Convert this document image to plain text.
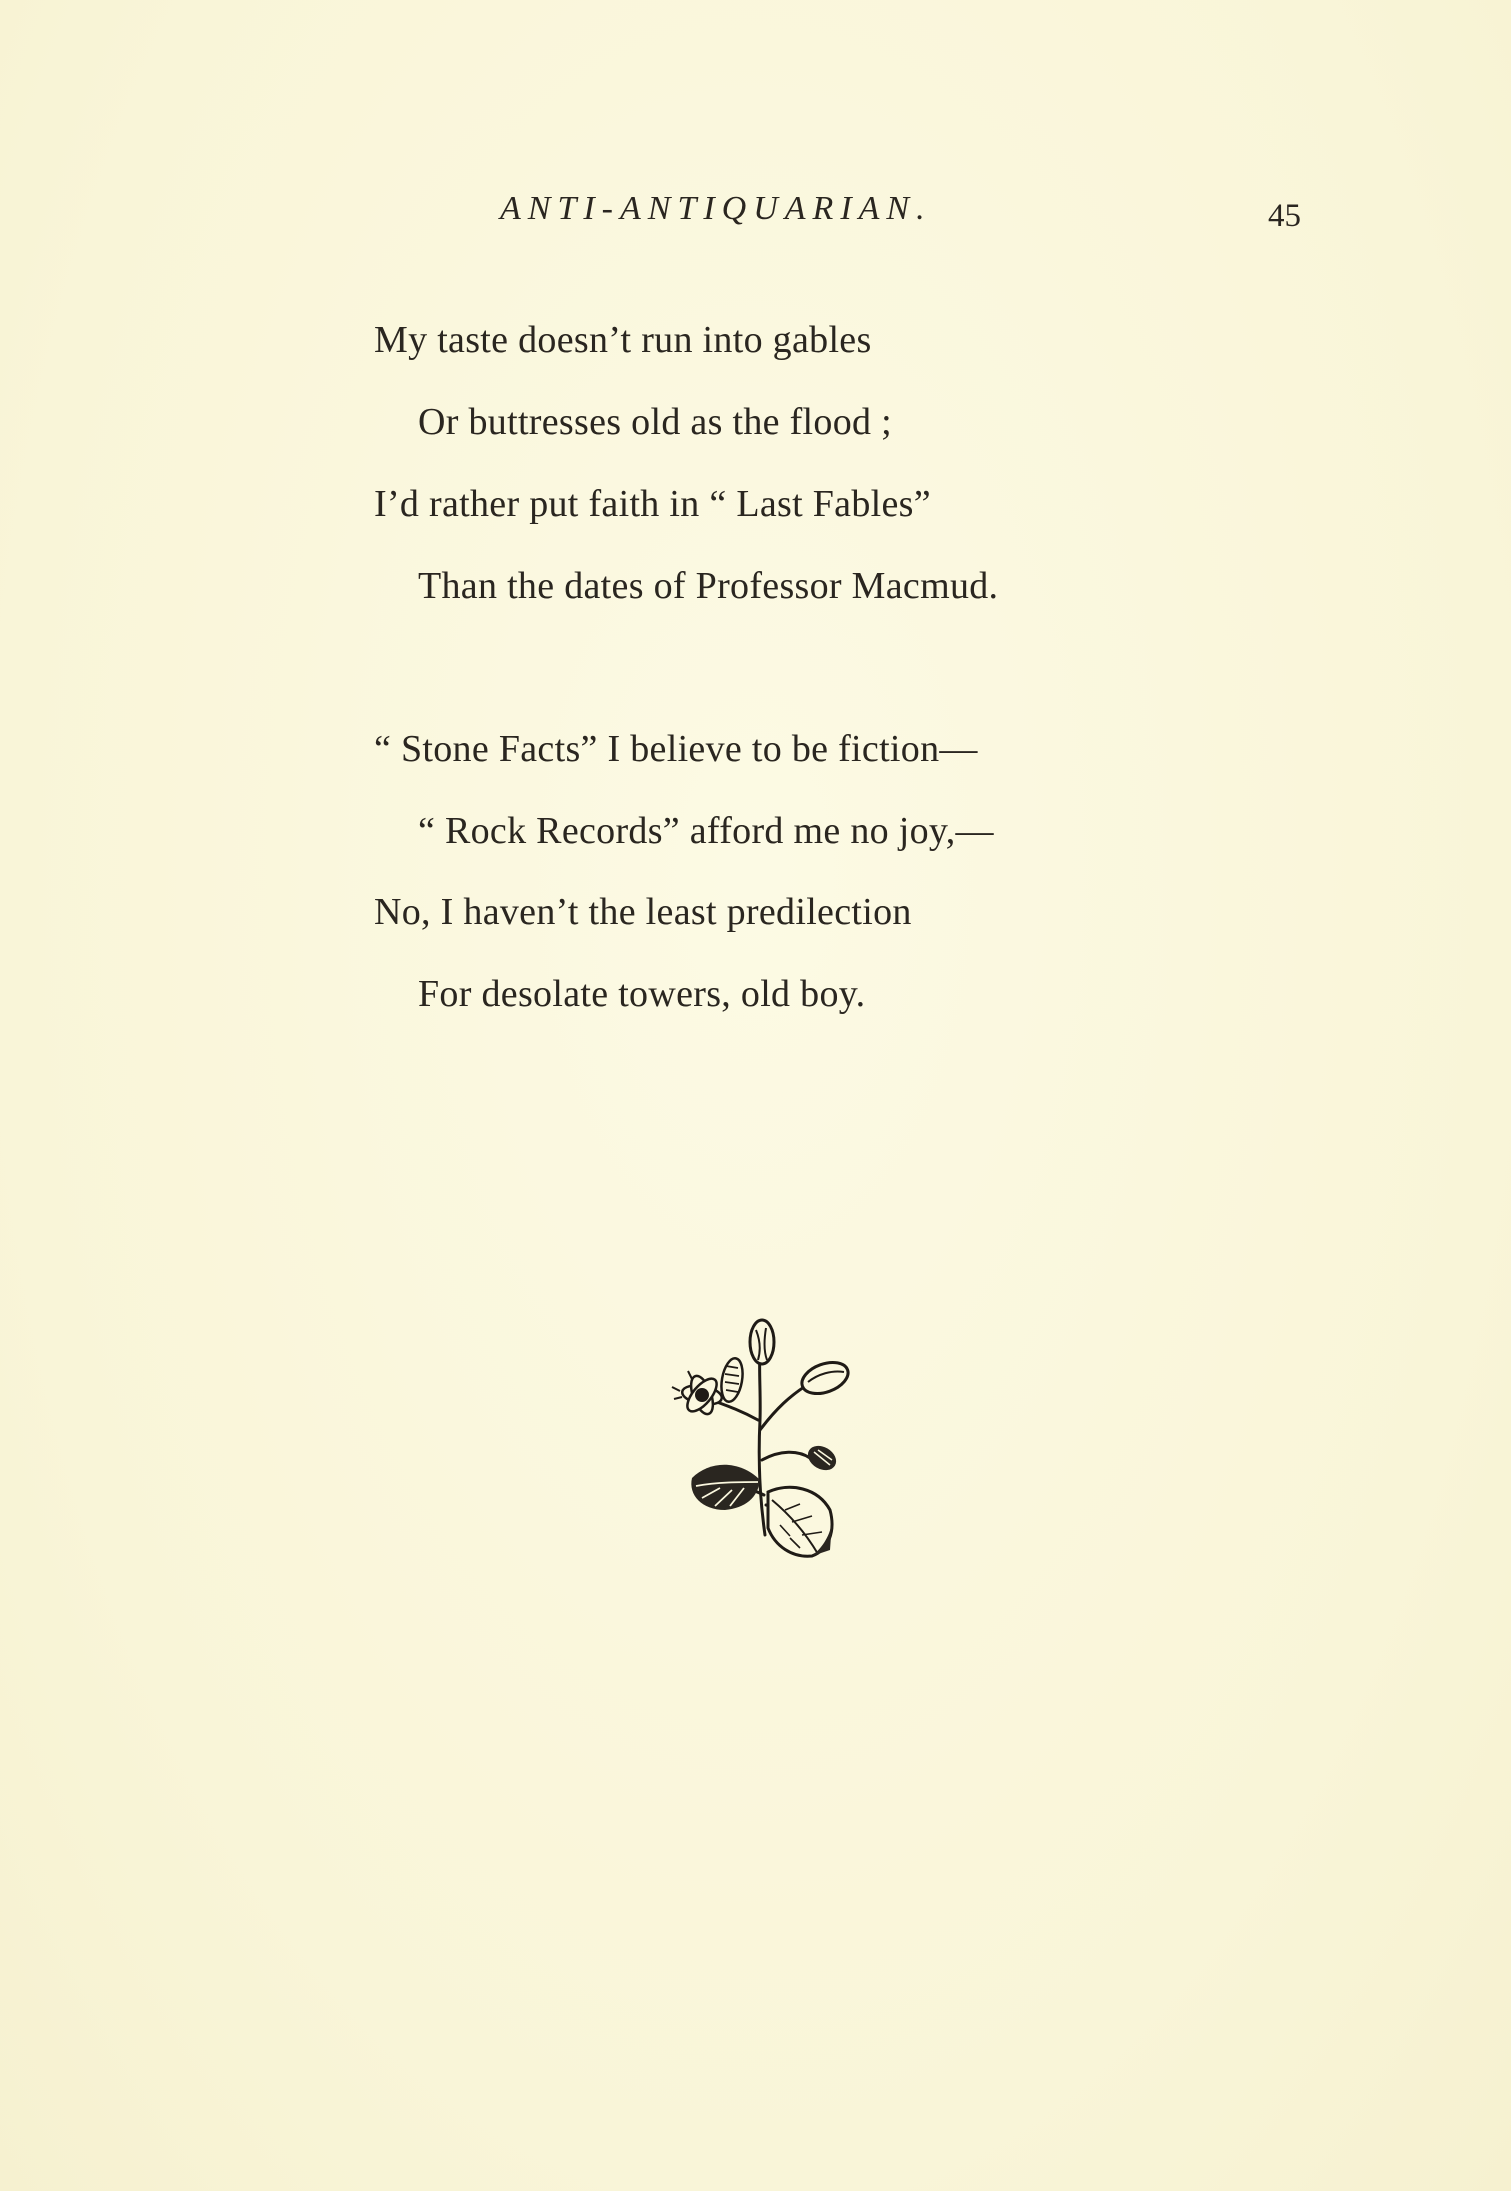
ANTI-ANTIQUARIAN.	45
My taste doesn’t run into gables
Or buttresses old as the flood ;
I’d rather put faith in “ Last Fables”
Than the dates of Professor Macmud.
“ Stone Facts” I believe to be fiction—
“ Rock Records” afford me no joy,—
No, I haven’t the least predilection
For desolate towers, old boy.
